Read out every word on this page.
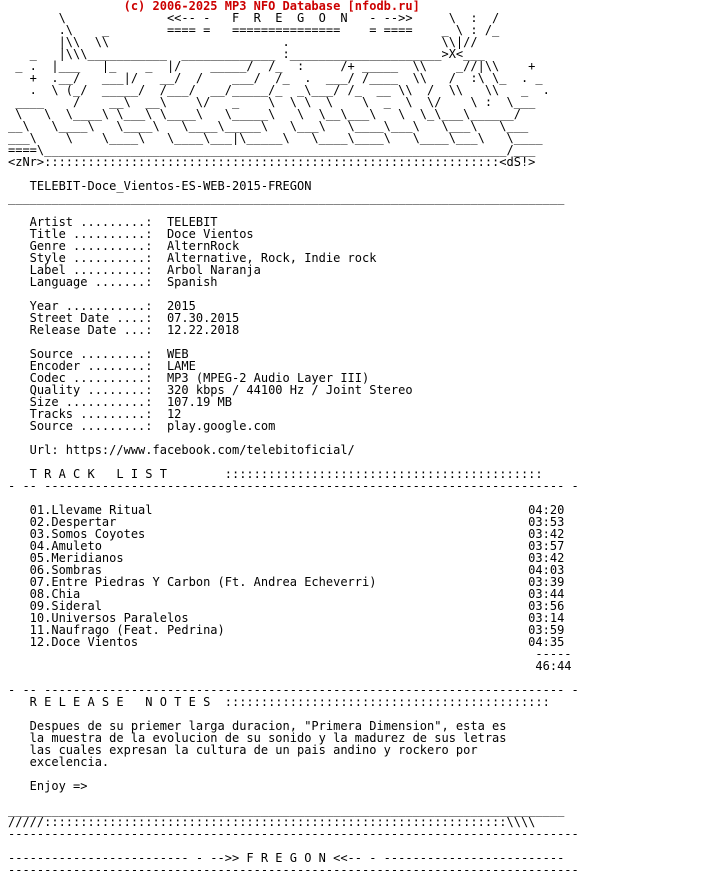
(c) 2006-2025 MP3 NFO Database [nfodb.ru]
\              <<-- -   F  R  E  G  O  N   - -->>     \  :  /
.\    _        ==== =   ===============    = ====    _ \ : /_
|\\  \\                        .                     \\|//
_   |\\\___________  _____________ :_____________________>X<___
_ .  |___   |_    _  |/    _____/  /_  :     /+ _____  \\    _//|\\    +
+  .__/   ___|/   __/  /    ___/  /_  .  ___/ /____  \\   /  :\ \_  . _
.  \ (_/  _____/  /___/  __/_____/_  _\___/ /_  __ \\  /  \\   \\   _  .
____    /    __\  __\    \/   _    \  \ \  \    \  _  \  \/    \ :  \___
\   \  \____\ \___\ \____\   \_____\   \  \__\___\   \  \_\___\______/
__\   \____\   \____\   \____\_____\   \___\   \____\___\   \___\   \___
___\    \    \____\   \____\___|\_____\   \____\____\   \____\___\   \____
====\________________________________________________________________/___
<zNr>:::::::::::::::::::::::::::::::::::::::::::::::::::::::::::::::<dS!>
TELEBIT-Doce_Vientos-ES-WEB-2015-FREGON
_____________________________________________________________________________
Artist .........:  TELEBIT
Title ..........:  Doce Vientos
Genre ..........:  AlternRock
Style ..........:  Alternative, Rock, Indie rock
Label ..........:  Arbol Naranja
Language .......:  Spanish
Year ...........:  2015
Street Date ....:  07.30.2015
Release Date ...:  12.22.2018
Source .........:  WEB
Encoder ........:  LAME
Codec ..........:  MP3 (MPEG-2 Audio Layer III)
Quality ........:  320 kbps / 44100 Hz / Joint Stereo
Size ...........:  107.19 MB
Tracks .........:  12
Source .........:  play.google.com
Url: https://www.facebook.com/telebitoficial/
T R A C K   L I S T        ::::::::::::::::::::::::::::::::::::::::::::
- -- ------------------------------------------------------------------------ -
01.Llevame Ritual                                                    04:20
02.Despertar                                                         03:53
03.Somos Coyotes                                                     03:42
04.Amuleto                                                           03:57
05.Meridianos                                                        03:42
06.Sombras                                                           04:03
07.Entre Piedras Y Carbon (Ft. Andrea Echeverri)                     03:39
08.Chia                                                              03:44
09.Sideral                                                           03:56
10.Universos Paralelos                                               03:14
11.Naufrago (Feat. Pedrina)                                          03:59
12.Doce Vientos                                                      04:35
-----
46:44
- -- ------------------------------------------------------------------------ -
R E L E A S E   N O T E S  :::::::::::::::::::::::::::::::::::::::::::::
Despues de su priemer larga duracion, "Primera Dimension", esta es
la muestra de la evolucion de su sonido y la madurez de sus letras
las cuales expresan la cultura de un pais andino y rockero por
excelencia.
Enjoy =>
_____________________________________________________________________________
/////::::::::::::::::::::::::::::::::::::::::::::::::::::::::::::::::\\\\
-------------------------------------------------------------------------------
------------------------- - -->> F R E G O N <<-- - -------------------------
-------------------------------------------------------------------------------
